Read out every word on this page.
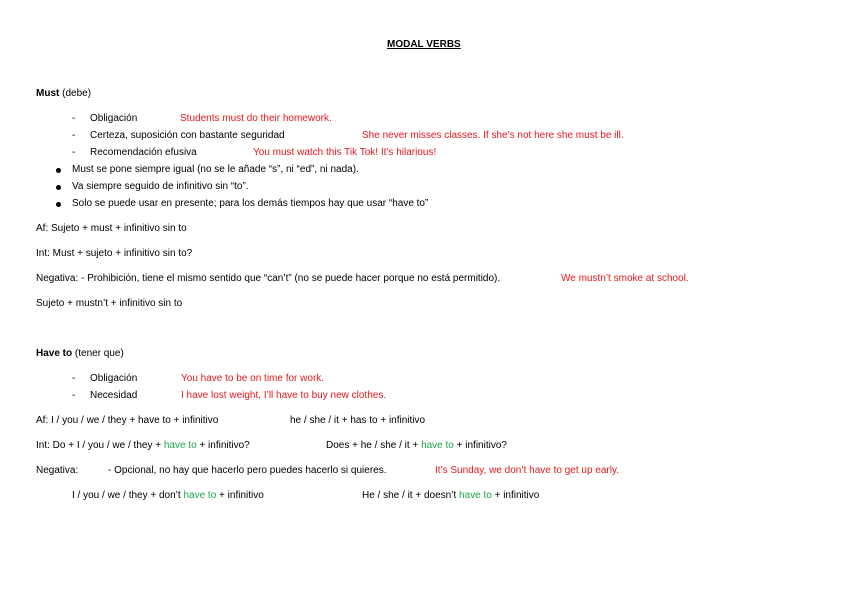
MODAL VERBS
Must (debe)
- Obligación	Students must do their homework.
- Certeza, suposición con bastante seguridad	She never misses classes. If she’s not here she must be ill.
- Recomendación efusiva	You must watch this Tik Tok! It’s hilarious!
Must se pone siempre igual (no se le añade “s”, ni “ed”, ni nada).
Va siempre seguido de infinitivo sin “to”.
Solo se puede usar en presente; para los demás tiempos hay que usar “have to”
Af: Sujeto + must + infinitivo sin to
Int: Must + sujeto + infinitivo sin to?
Negativa: - Prohibición, tiene el mismo sentido que “can’t” (no se puede hacer porque no está permitido).	We mustn’t smoke at school.
Sujeto + mustn’t + infinitivo sin to
Have to (tener que)
- Obligación	You have to be on time for work.
- Necesidad	I have lost weight, I’ll have to buy new clothes.
Af: I / you / we / they + have to + infinitivo	he / she / it + has to + infinitivo
Int: Do + I / you / we / they + have to + infinitivo?	Does + he / she / it + have to + infinitivo?
Negativa:	- Opcional, no hay que hacerlo pero puedes hacerlo si quieres.	It’s Sunday, we don’t have to get up early.
I / you / we / they + don’t have to + infinitivo	He / she / it + doesn’t have to + infinitivo
